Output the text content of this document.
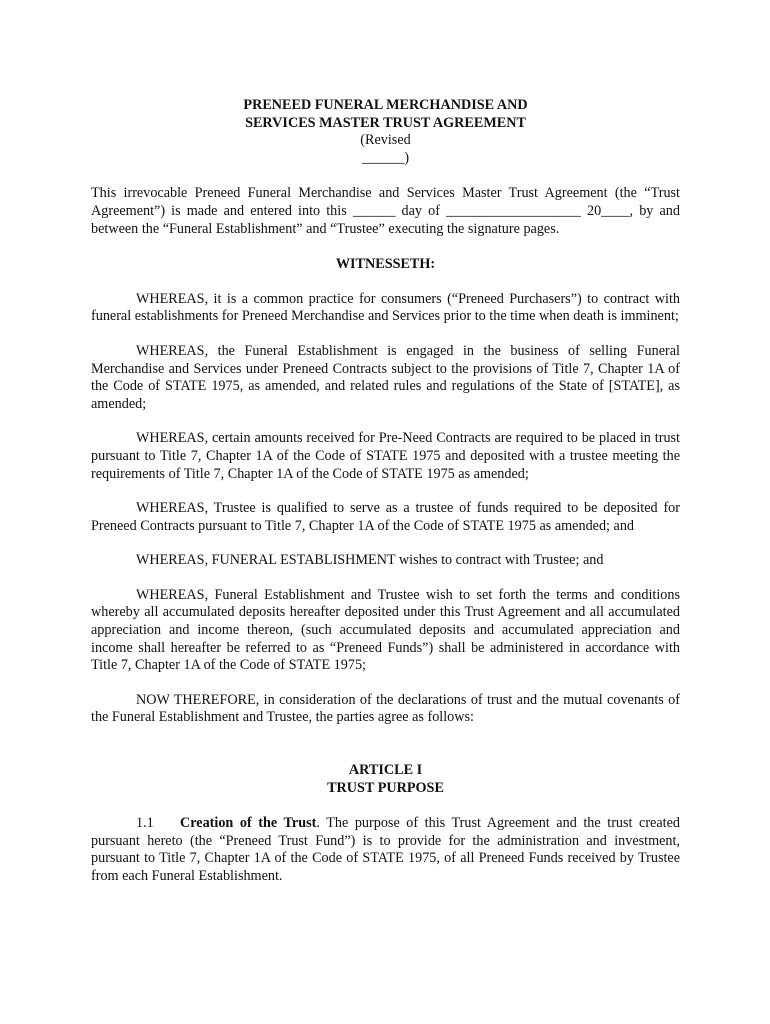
PRENEED FUNERAL MERCHANDISE AND

SERVICES MASTER TRUST AGREEMENT

(Revised

______)

This irrevocable Preneed Funeral Merchandise and Services Master Trust Agreement (the “Trust Agreement”) is made and entered into this ______ day of ___________________ 20____, by and between the “Funeral Establishment” and “Trustee” executing the signature pages.

WITNESSETH:

WHEREAS, it is a common practice for consumers (“Preneed Purchasers”) to contract with funeral establishments for Preneed Merchandise and Services prior to the time when death is imminent;

WHEREAS, the Funeral Establishment is engaged in the business of selling Funeral Merchandise and Services under Preneed Contracts subject to the provisions of Title 7, Chapter 1A of the Code of STATE 1975, as amended, and related rules and regulations of the State of [STATE], as amended;

WHEREAS, certain amounts received for Pre-Need Contracts are required to be placed in trust pursuant to Title 7, Chapter 1A of the Code of STATE 1975 and deposited with a trustee meeting the requirements of Title 7, Chapter 1A of the Code of STATE 1975 as amended;

WHEREAS, Trustee is qualified to serve as a trustee of funds required to be deposited for Preneed Contracts pursuant to Title 7, Chapter 1A of the Code of STATE 1975 as amended; and

WHEREAS, FUNERAL ESTABLISHMENT wishes to contract with Trustee; and

WHEREAS, Funeral Establishment and Trustee wish to set forth the terms and conditions whereby all accumulated deposits hereafter deposited under this Trust Agreement and all accumulated appreciation and income thereon, (such accumulated deposits and accumulated appreciation and income shall hereafter be referred to as “Preneed Funds”) shall be administered in accordance with Title 7, Chapter 1A of the Code of STATE 1975;

NOW THEREFORE, in consideration of the declarations of trust and the mutual covenants of the Funeral Establishment and Trustee, the parties agree as follows:

ARTICLE I

TRUST PURPOSE

1.1 Creation of the Trust. The purpose of this Trust Agreement and the trust created pursuant hereto (the “Preneed Trust Fund”) is to provide for the administration and investment, pursuant to Title 7, Chapter 1A of the Code of STATE 1975, of all Preneed Funds received by Trustee from each Funeral Establishment.
